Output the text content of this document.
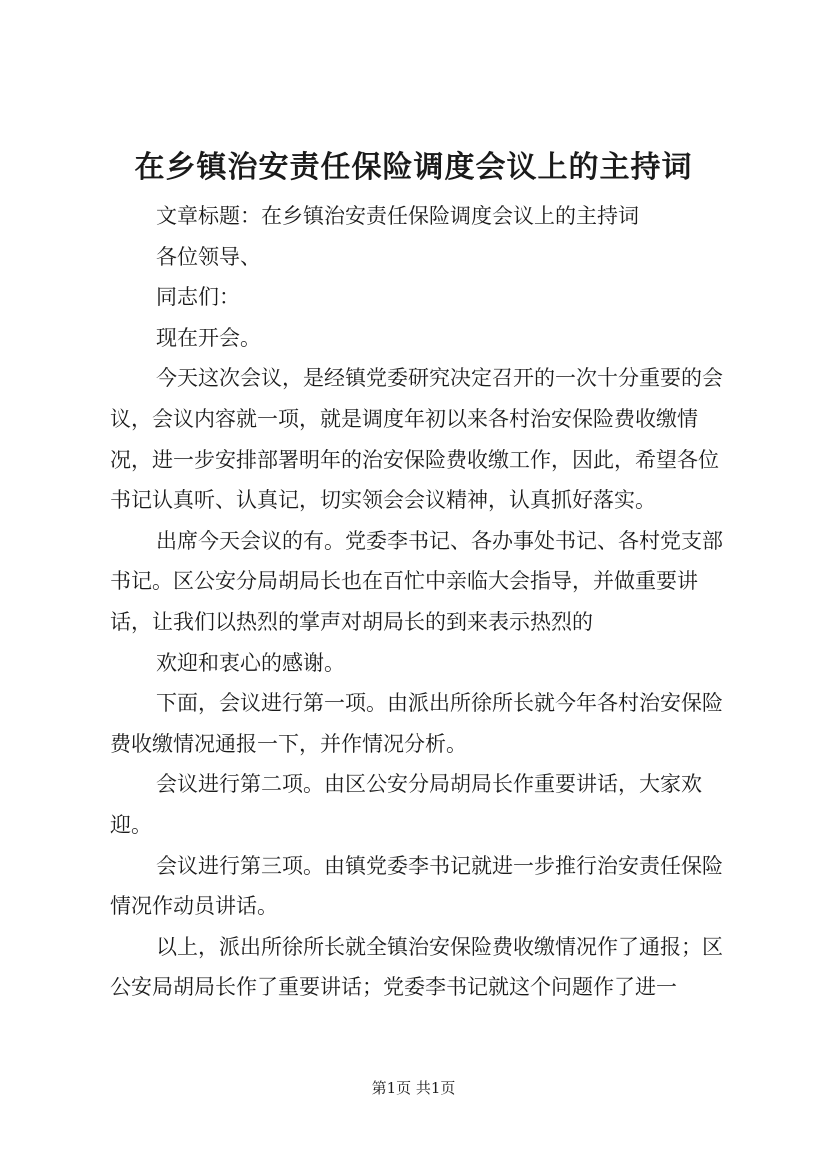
在乡镇治安责任保险调度会议上的主持词

文章标题：在乡镇治安责任保险调度会议上的主持词

各位领导、

同志们：

现在开会。

今天这次会议，是经镇党委研究决定召开的一次十分重要的会议，会议内容就一项，就是调度年初以来各村治安保险费收缴情况，进一步安排部署明年的治安保险费收缴工作，因此，希望各位书记认真听、认真记，切实领会会议精神，认真抓好落实。

出席今天会议的有。党委李书记、各办事处书记、各村党支部书记。区公安分局胡局长也在百忙中亲临大会指导，并做重要讲话，让我们以热烈的掌声对胡局长的到来表示热烈的

欢迎和衷心的感谢。

下面，会议进行第一项。由派出所徐所长就今年各村治安保险费收缴情况通报一下，并作情况分析。

会议进行第二项。由区公安分局胡局长作重要讲话，大家欢迎。

会议进行第三项。由镇党委李书记就进一步推行治安责任保险情况作动员讲话。

以上，派出所徐所长就全镇治安保险费收缴情况作了通报；区公安局胡局长作了重要讲话；党委李书记就这个问题作了进一

第1页 共1页
